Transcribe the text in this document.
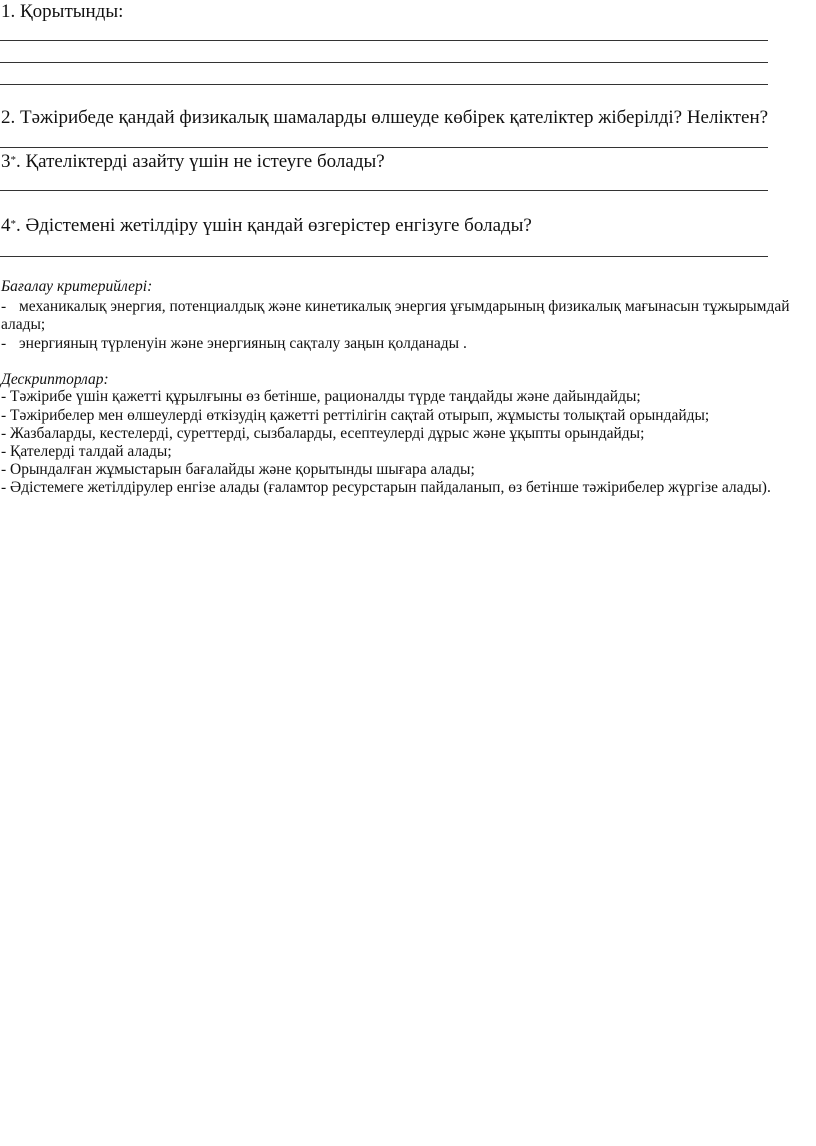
1. Қорытынды:
2. Тәжірибеде қандай физикалық шамаларды өлшеуде көбірек қателіктер жіберілді? Неліктен?
3*. Қателіктерді азайту үшін не істеуге болады?
4*. Әдістемені жетілдіру үшін қандай өзгерістер енгізуге болады?
Бағалау критерийлері:
- механикалық энергия, потенциалдық және кинетикалық энергия ұғымдарының физикалық мағынасын тұжырымдай
алады;
- энергияның түрленуін және энергияның сақталу заңын қолданады .
Дескрипторлар:
- Тәжірибе үшін қажетті құрылғыны өз бетінше, рационалды түрде таңдайды және дайындайды;
- Тәжірибелер мен өлшеулерді өткізудің қажетті реттілігін сақтай отырып, жұмысты толықтай орындайды;
- Жазбаларды, кестелерді, суреттерді, сызбаларды, есептеулерді дұрыс және ұқыпты орындайды;
- Қателерді талдай алады;
- Орындалған жұмыстарын бағалайды және қорытынды шығара алады;
- Әдістемеге жетілдірулер енгізе алады (ғаламтор ресурстарын пайдаланып, өз бетінше тәжірибелер жүргізе алады).
